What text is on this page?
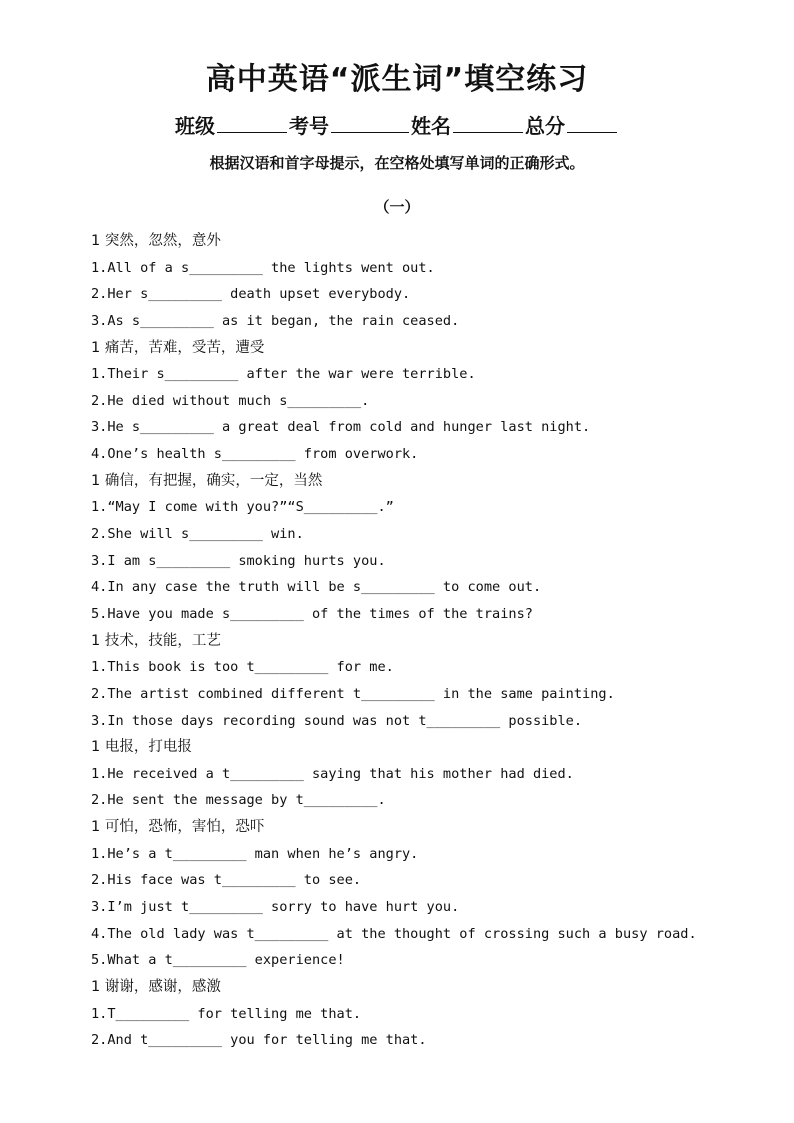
高中英语“派生词”填空练习
班级	考号	姓名	总分
根据汉语和首字母提示，在空格处填写单词的正确形式。
（一）
1 突然，忽然，意外
1.All of a s_________ the lights went out.
2.Her s_________ death upset everybody.
3.As s_________ as it began, the rain ceased.
1 痛苦，苦难，受苦，遭受
1.Their s_________ after the war were terrible.
2.He died without much s_________.
3.He s_________ a great deal from cold and hunger last night.
4.One’s health s_________ from overwork.
1 确信，有把握，确实，一定，当然
1.“May I come with you?”“S_________.”
2.She will s_________ win.
3.I am s_________ smoking hurts you.
4.In any case the truth will be s_________ to come out.
5.Have you made s_________ of the times of the trains?
1 技术，技能，工艺
1.This book is too t_________ for me.
2.The artist combined different t_________ in the same painting.
3.In those days recording sound was not t_________ possible.
1 电报，打电报
1.He received a t_________ saying that his mother had died.
2.He sent the message by t_________.
1 可怕，恐怖，害怕，恐吓
1.He’s a t_________ man when he’s angry.
2.His face was t_________ to see.
3.I’m just t_________ sorry to have hurt you.
4.The old lady was t_________ at the thought of crossing such a busy road.
5.What a t_________ experience!
1 谢谢，感谢，感激
1.T_________ for telling me that.
2.And t_________ you for telling me that.
